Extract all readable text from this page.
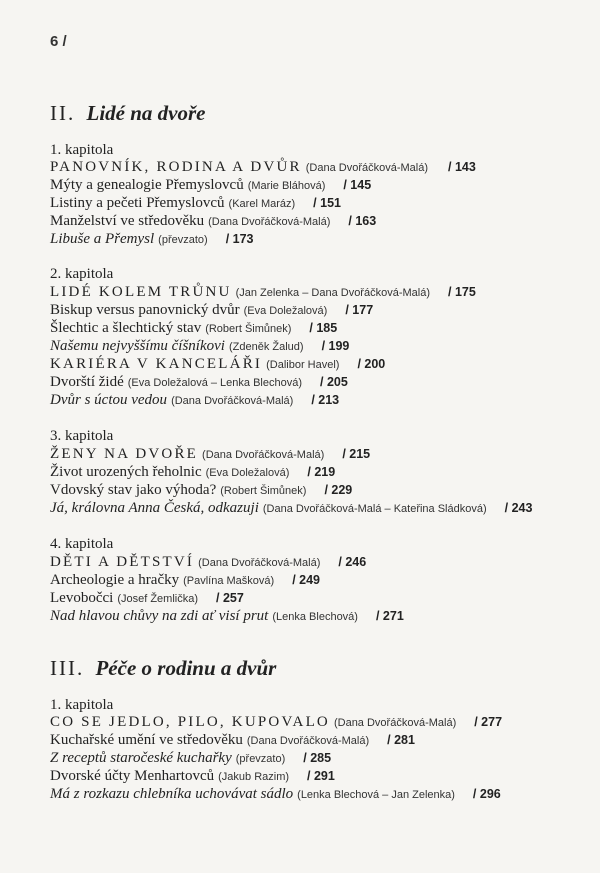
6 /
II. Lidé na dvoře
1. kapitola
PANOVNÍK, RODINA A DVŮR (Dana Dvořáčková-Malá) / 143
Mýty a genealogie Přemyslovců (Marie Bláhová) / 145
Listiny a pečeti Přemyslovců (Karel Maráz) / 151
Manželství ve středověku (Dana Dvořáčková-Malá) / 163
Libuše a Přemysl (převzato) / 173
2. kapitola
LIDÉ KOLEM TRŮNU (Jan Zelenka – Dana Dvořáčková-Malá) / 175
Biskup versus panovnický dvůr (Eva Doležalová) / 177
Šlechtic a šlechtický stav (Robert Šimůnek) / 185
Našemu nejvyššímu číšníkovi (Zdeněk Žalud) / 199
KARIÉRA V KANCELÁŘI (Dalibor Havel) / 200
Dvorští židé (Eva Doležalová – Lenka Blechová) / 205
Dvůr s úctou vedou (Dana Dvořáčková-Malá) / 213
3. kapitola
ŽENY NA DVOŘE (Dana Dvořáčková-Malá) / 215
Život urozených řeholnic (Eva Doležalová) / 219
Vdovský stav jako výhoda? (Robert Šimůnek) / 229
Já, královna Anna Česká, odkazuji (Dana Dvořáčková-Malá – Kateřina Sládková) / 243
4. kapitola
DĚTI A DĚTSTVÍ (Dana Dvořáčková-Malá) / 246
Archeologie a hračky (Pavlína Mašková) / 249
Levobočci (Josef Žemlička) / 257
Nad hlavou chůvy na zdi ať visí prut (Lenka Blechová) / 271
III. Péče o rodinu a dvůr
1. kapitola
CO SE JEDLO, PILO, KUPOVALO (Dana Dvořáčková-Malá) / 277
Kuchařské umění ve středověku (Dana Dvořáčková-Malá) / 281
Z receptů staročeské kuchařky (převzato) / 285
Dvorské účty Menhartovců (Jakub Razim) / 291
Má z rozkazu chlebníka uchovávat sádlo (Lenka Blechová – Jan Zelenka) / 296
